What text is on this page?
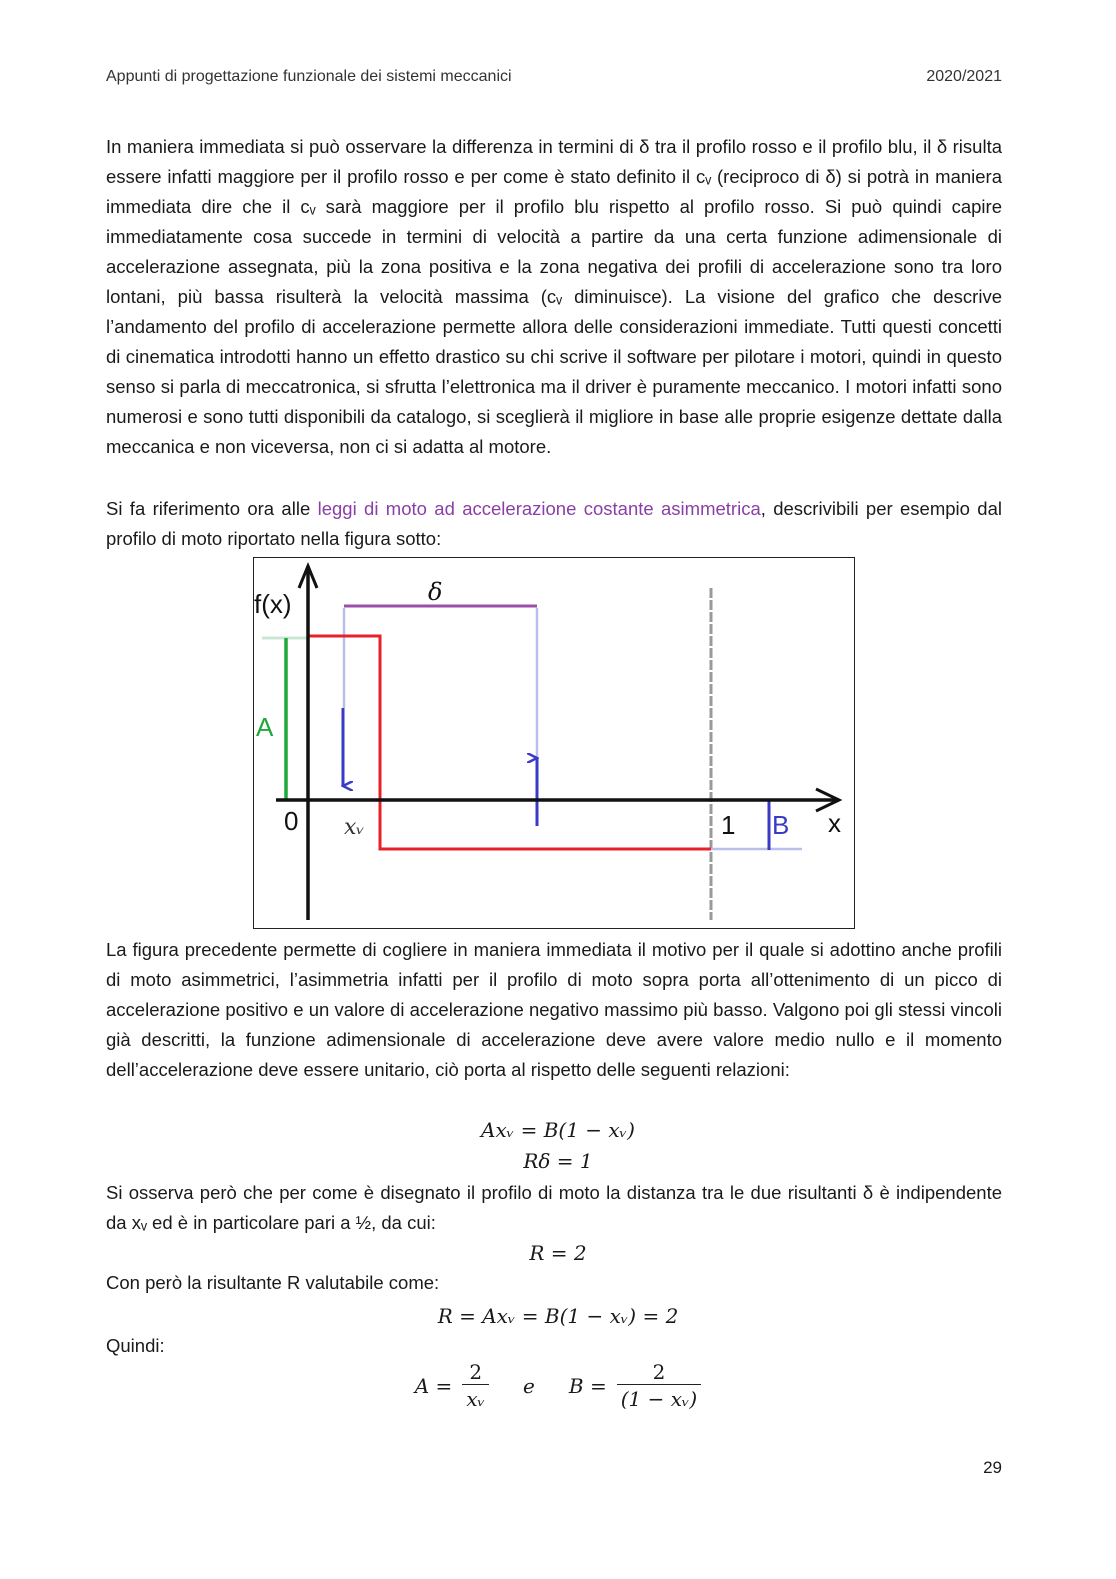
Appunti di progettazione funzionale dei sistemi meccanici	2020/2021
In maniera immediata si può osservare la differenza in termini di δ tra il profilo rosso e il profilo blu, il δ risulta essere infatti maggiore per il profilo rosso e per come è stato definito il cᵥ (reciproco di δ) si potrà in maniera immediata dire che il cᵥ sarà maggiore per il profilo blu rispetto al profilo rosso. Si può quindi capire immediatamente cosa succede in termini di velocità a partire da una certa funzione adimensionale di accelerazione assegnata, più la zona positiva e la zona negativa dei profili di accelerazione sono tra loro lontani, più bassa risulterà la velocità massima (cᵥ diminuisce). La visione del grafico che descrive l’andamento del profilo di accelerazione permette allora delle considerazioni immediate. Tutti questi concetti di cinematica introdotti hanno un effetto drastico su chi scrive il software per pilotare i motori, quindi in questo senso si parla di meccatronica, si sfrutta l’elettronica ma il driver è puramente meccanico. I motori infatti sono numerosi e sono tutti disponibili da catalogo, si sceglierà il migliore in base alle proprie esigenze dettate dalla meccanica e non viceversa, non ci si adatta al motore.
Si fa riferimento ora alle leggi di moto ad accelerazione costante asimmetrica, descrivibili per esempio dal profilo di moto riportato nella figura sotto:
f(x)	δ
A
0 xᵥ	1 B x
La figura precedente permette di cogliere in maniera immediata il motivo per il quale si adottino anche profili di moto asimmetrici, l’asimmetria infatti per il profilo di moto sopra porta all’ottenimento di un picco di accelerazione positivo e un valore di accelerazione negativo massimo più basso. Valgono poi gli stessi vincoli già descritti, la funzione adimensionale di accelerazione deve avere valore medio nullo e il momento dell’accelerazione deve essere unitario, ciò porta al rispetto delle seguenti relazioni:
Axᵥ = B(1 − xᵥ)
Rδ = 1
Si osserva però che per come è disegnato il profilo di moto la distanza tra le due risultanti δ è indipendente da xᵥ ed è in particolare pari a ½, da cui:
R = 2
Con però la risultante R valutabile come:
R = Axᵥ = B(1 − xᵥ) = 2
Quindi:
$A = \frac{2}{\text{xᵥ}}$ e $B = \frac{2}{\text{(1 − xᵥ)}}$
29
